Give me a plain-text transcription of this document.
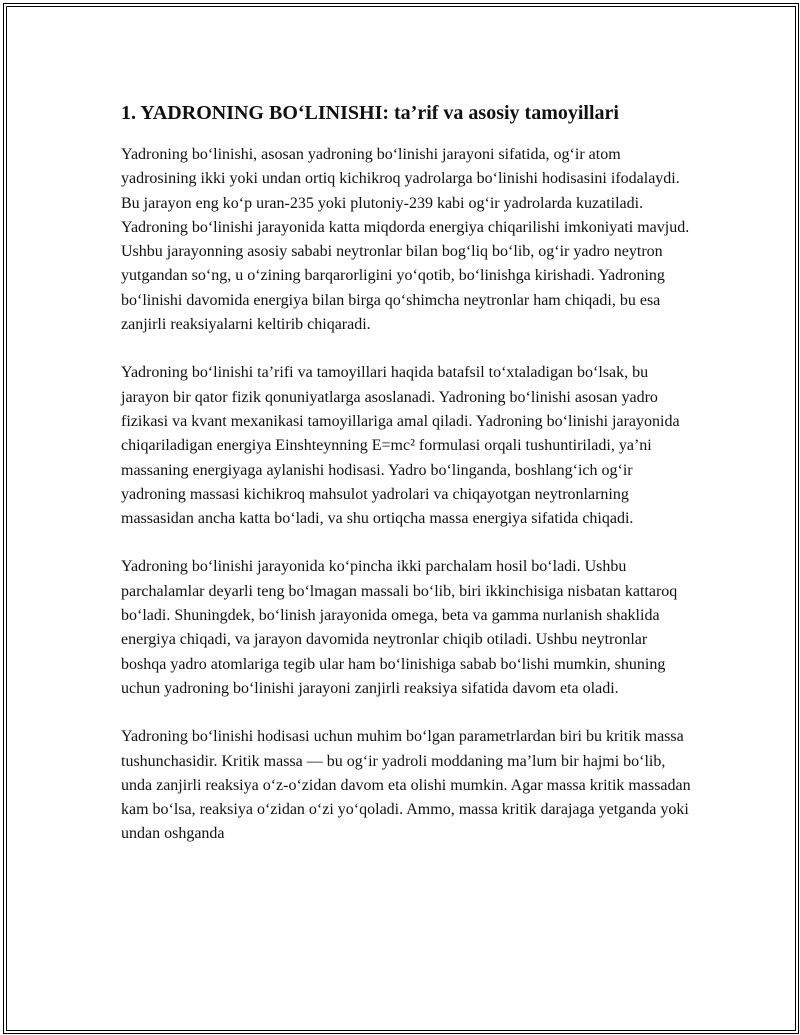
1. YADRONING BO‘LINISHI: ta’rif va asosiy tamoyillari

Yadroning bo‘linishi, asosan yadroning bo‘linishi jarayoni sifatida, og‘ir atom yadrosining ikki yoki undan ortiq kichikroq yadrolarga bo‘linishi hodisasini ifodalaydi. Bu jarayon eng ko‘p uran-235 yoki plutoniy-239 kabi og‘ir yadrolarda kuzatiladi. Yadroning bo‘linishi jarayonida katta miqdorda energiya chiqarilishi imkoniyati mavjud. Ushbu jarayonning asosiy sababi neytronlar bilan bog‘liq bo‘lib, og‘ir yadro neytron yutgandan so‘ng, u o‘zining barqarorligini yo‘qotib, bo‘linishga kirishadi. Yadroning bo‘linishi davomida energiya bilan birga qo‘shimcha neytronlar ham chiqadi, bu esa zanjirli reaksiyalarni keltirib chiqaradi.

Yadroning bo‘linishi ta’rifi va tamoyillari haqida batafsil to‘xtaladigan bo‘lsak, bu jarayon bir qator fizik qonuniyatlarga asoslanadi. Yadroning bo‘linishi asosan yadro fizikasi va kvant mexanikasi tamoyillariga amal qiladi. Yadroning bo‘linishi jarayonida chiqariladigan energiya Einshteynning E=mc² formulasi orqali tushuntiriladi, ya’ni massaning energiyaga aylanishi hodisasi. Yadro bo‘linganda, boshlang‘ich og‘ir yadroning massasi kichikroq mahsulot yadrolari va chiqayotgan neytronlarning massasidan ancha katta bo‘ladi, va shu ortiqcha massa energiya sifatida chiqadi.

Yadroning bo‘linishi jarayonida ko‘pincha ikki parchalam hosil bo‘ladi. Ushbu parchalamlar deyarli teng bo‘lmagan massali bo‘lib, biri ikkinchisiga nisbatan kattaroq bo‘ladi. Shuningdek, bo‘linish jarayonida omega, beta va gamma nurlanish shaklida energiya chiqadi, va jarayon davomida neytronlar chiqib otiladi. Ushbu neytronlar boshqa yadro atomlariga tegib ular ham bo‘linishiga sabab bo‘lishi mumkin, shuning uchun yadroning bo‘linishi jarayoni zanjirli reaksiya sifatida davom eta oladi.

Yadroning bo‘linishi hodisasi uchun muhim bo‘lgan parametrlardan biri bu kritik massa tushunchasidir. Kritik massa — bu og‘ir yadroli moddaning ma’lum bir hajmi bo‘lib, unda zanjirli reaksiya o‘z-o‘zidan davom eta olishi mumkin. Agar massa kritik massadan kam bo‘lsa, reaksiya o‘zidan o‘zi yo‘qoladi. Ammo, massa kritik darajaga yetganda yoki undan oshganda
